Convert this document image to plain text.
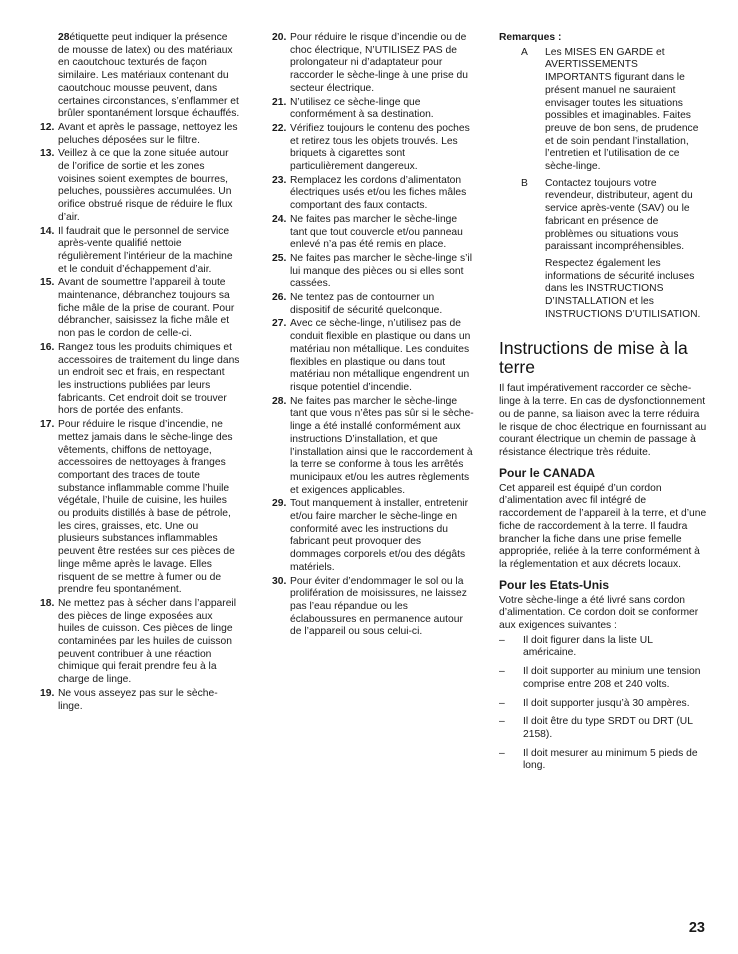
28étiquette peut indiquer la présence de mousse de latex) ou des matériaux en caoutchouc texturés de façon similaire. Les matériaux contenant du caoutchouc mousse peuvent, dans certaines circonstances, s’enflammer et brûler spontanément lorsque échauffés.
12. Avant et après le passage, nettoyez les peluches déposées sur le filtre.
13. Veillez à ce que la zone située autour de l’orifice de sortie et les zones voisines soient exemptes de bourres, peluches, poussières accumulées. Un orifice obstrué risque de réduire le flux d’air.
14. Il faudrait que le personnel de service après-vente qualifié nettoie régulièrement l’intérieur de la machine et le conduit d’échappement d’air.
15. Avant de soumettre l’appareil à toute maintenance, débranchez toujours sa fiche mâle de la prise de courant. Pour débrancher, saisissez la fiche mâle et non pas le cordon de celle-ci.
16. Rangez tous les produits chimiques et accessoires de traitement du linge dans un endroit sec et frais, en respectant les instructions publiées par leurs fabricants. Cet endroit doit se trouver hors de portée des enfants.
17. Pour réduire le risque d’incendie, ne mettez jamais dans le sèche-linge des vêtements, chiffons de nettoyage, accessoires de nettoyages à franges comportant des traces de toute substance inflammable comme l’huile végétale, l’huile de cuisine, les huiles ou produits distillés à base de pétrole, les cires, graisses, etc. Une ou plusieurs substances inflammables peuvent être restées sur ces pièces de linge même après le lavage. Elles risquent de se mettre à fumer ou de prendre feu spontanément.
18. Ne mettez pas à sécher dans l’appareil des pièces de linge exposées aux huiles de cuisson. Ces pièces de linge contaminées par les huiles de cuisson peuvent contribuer à une réaction chimique qui ferait prendre feu à la charge de linge.
19. Ne vous asseyez pas sur le sèche-linge.
20. Pour réduire le risque d’incendie ou de choc électrique, N’UTILISEZ PAS de prolongateur ni d’adaptateur pour raccorder le sèche-linge à une prise du secteur électrique.
21. N’utilisez ce sèche-linge que conformément à sa destination.
22. Vérifiez toujours le contenu des poches et retirez tous les objets trouvés. Les briquets à cigarettes sont particulièrement dangereux.
23. Remplacez les cordons d’alimentaton électriques usés et/ou les fiches mâles comportant des faux contacts.
24. Ne faites pas marcher le sèche-linge tant que tout couvercle et/ou panneau enlevé n’a pas été remis en place.
25. Ne faites pas marcher le sèche-linge s’il lui manque des pièces ou si elles sont cassées.
26. Ne tentez pas de contourner un dispositif de sécurité quelconque.
27. Avec ce sèche-linge, n’utilisez pas de conduit flexible en plastique ou dans un matériau non métallique. Les conduites flexibles en plastique ou dans tout matériau non métallique engendrent un risque potentiel d’incendie.
28. Ne faites pas marcher le sèche-linge tant que vous n’êtes pas sûr si le sèche-linge a été installé conformément aux instructions D’installation, et que l’installation ainsi que le raccordement à la terre se conforme à tous les arrêtés municipaux et/ou les autres règlements et exigences applicables.
29. Tout manquement à installer, entretenir et/ou faire marcher le sèche-linge en conformité avec les instructions du fabricant peut provoquer des dommages corporels et/ou des dégâts matériels.
30. Pour éviter d’endommager le sol ou la prolifération de moisissures, ne laissez pas l’eau répandue ou les éclaboussures en permanence autour de l’appareil ou sous celui-ci.
Remarques :
A Les MISES EN GARDE et AVERTISSEMENTS IMPORTANTS figurant dans le présent manuel ne sauraient envisager toutes les situations possibles et imaginables. Faites preuve de bon sens, de prudence et de soin pendant l’installation, l’entretien et l’utilisation de ce sèche-linge.
B Contactez toujours votre revendeur, distributeur, agent du service après-vente (SAV) ou le fabricant en présence de problèmes ou situations vous paraissant incompréhensibles.
Respectez également les informations de sécurité incluses dans les INSTRUCTIONS D’INSTALLATION et les INSTRUCTIONS D’UTILISATION.
Instructions de mise à la terre

Il faut impérativement raccorder ce sèche-linge à la terre. En cas de dysfonctionnement ou de panne, sa liaison avec la terre réduira le risque de choc électrique en fournissant au courant électrique un chemin de passage à résistance électrique très réduite.

Pour le CANADA

Cet appareil est équipé d’un cordon d’alimentation avec fil intégré de raccordement de l’appareil à la terre, et d’une fiche de raccordement à la terre. Il faudra brancher la fiche dans une prise femelle appropriée, reliée à la terre conformément à la réglementation et aux décrets locaux.

Pour les Etats-Unis

Votre sèche-linge a été livré sans cordon d’alimentation. Ce cordon doit se conformer aux exigences suivantes :

– Il doit figurer dans la liste UL américaine.
– Il doit supporter au minium une tension comprise entre 208 et 240 volts.
– Il doit supporter jusqu’à 30 ampères.
– Il doit être du type SRDT ou DRT (UL 2158).
– Il doit mesurer au minimum 5 pieds de long.
23
